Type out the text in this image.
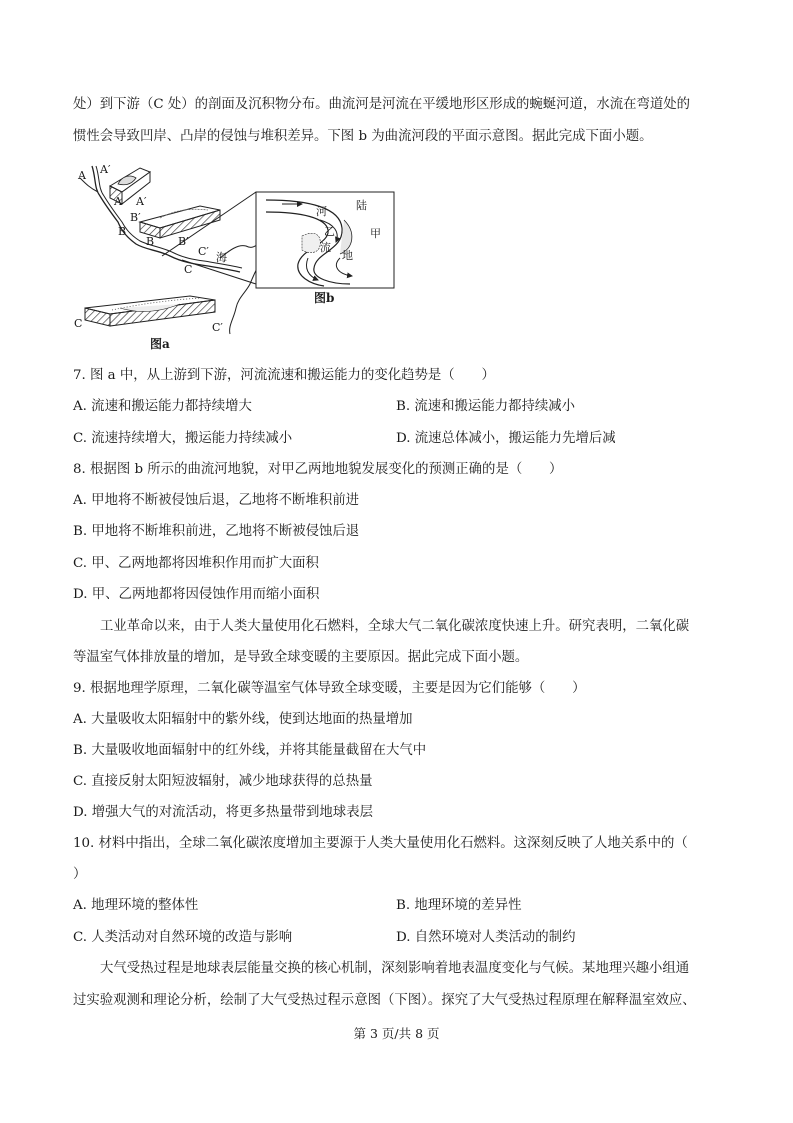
处）到下游（C 处）的剖面及沉积物分布。曲流河是河流在平缓地形区形成的蜿蜒河道，水流在弯道处的
惯性会导致凹岸、凸岸的侵蚀与堆积差异。下图 b 为曲流河段的平面示意图。据此完成下面小题。
A A′
A A′
B′
B
B B′
C′
C
海
C	C′
图a
河	陆
甲
乙
流
地
图b
7. 图 a 中，从上游到下游，河流流速和搬运能力的变化趋势是（　　）
A. 流速和搬运能力都持续增大	B. 流速和搬运能力都持续减小
C. 流速持续增大，搬运能力持续减小	D. 流速总体减小，搬运能力先增后减
8. 根据图 b 所示的曲流河地貌，对甲乙两地地貌发展变化的预测正确的是（　　）
A. 甲地将不断被侵蚀后退，乙地将不断堆积前进
B. 甲地将不断堆积前进，乙地将不断被侵蚀后退
C. 甲、乙两地都将因堆积作用而扩大面积
D. 甲、乙两地都将因侵蚀作用而缩小面积
工业革命以来，由于人类大量使用化石燃料，全球大气二氧化碳浓度快速上升。研究表明，二氧化碳
等温室气体排放量的增加，是导致全球变暖的主要原因。据此完成下面小题。
9. 根据地理学原理，二氧化碳等温室气体导致全球变暖，主要是因为它们能够（　　）
A. 大量吸收太阳辐射中的紫外线，使到达地面的热量增加
B. 大量吸收地面辐射中的红外线，并将其能量截留在大气中
C. 直接反射太阳短波辐射，减少地球获得的总热量
D. 增强大气的对流活动，将更多热量带到地球表层
10. 材料中指出，全球二氧化碳浓度增加主要源于人类大量使用化石燃料。这深刻反映了人地关系中的（
）
A. 地理环境的整体性	B. 地理环境的差异性
C. 人类活动对自然环境的改造与影响	D. 自然环境对人类活动的制约
大气受热过程是地球表层能量交换的核心机制，深刻影响着地表温度变化与气候。某地理兴趣小组通
过实验观测和理论分析，绘制了大气受热过程示意图（下图）。探究了大气受热过程原理在解释温室效应、
第 3 页/共 8 页
